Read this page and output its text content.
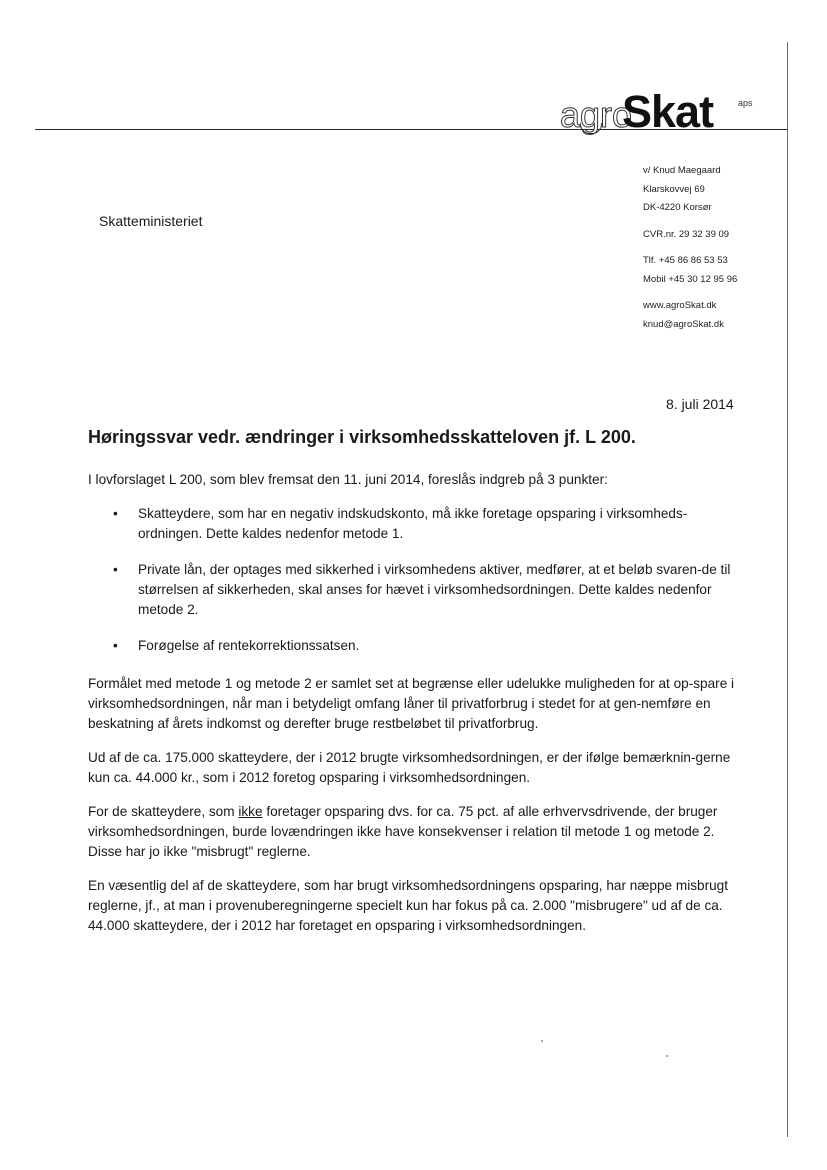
agro
Skat	aps
Skatteministeriet
v/ Knud Maegaard
Klarskovvej 69
DK-4220 Korsør
CVR.nr. 29 32 39 09
Tlf. +45 86 86 53 53
Mobil +45 30 12 95 96
www.agroSkat.dk
knud@agroSkat.dk
8. juli 2014
Høringssvar vedr. ændringer i virksomhedsskatteloven jf. L 200.

I lovforslaget L 200, som blev fremsat den 11. juni 2014, foreslås indgreb på 3 punkter:

• Skatteydere, som har en negativ indskudskonto, må ikke foretage opsparing i virksomheds-ordningen. Dette kaldes nedenfor metode 1.
• Private lån, der optages med sikkerhed i virksomhedens aktiver, medfører, at et beløb svaren-de til størrelsen af sikkerheden, skal anses for hævet i virksomhedsordningen. Dette kaldes nedenfor metode 2.
• Forøgelse af rentekorrektionssatsen.

Formålet med metode 1 og metode 2 er samlet set at begrænse eller udelukke muligheden for at op-spare i virksomhedsordningen, når man i betydeligt omfang låner til privatforbrug i stedet for at gen-nemføre en beskatning af årets indkomst og derefter bruge restbeløbet til privatforbrug.

Ud af de ca. 175.000 skatteydere, der i 2012 brugte virksomhedsordningen, er der ifølge bemærknin-gerne kun ca. 44.000 kr., som i 2012 foretog opsparing i virksomhedsordningen.

For de skatteydere, som ikke foretager opsparing dvs. for ca. 75 pct. af alle erhvervsdrivende, der bruger virksomhedsordningen, burde lovændringen ikke have konsekvenser i relation til metode 1 og metode 2. Disse har jo ikke "misbrugt" reglerne.

En væsentlig del af de skatteydere, som har brugt virksomhedsordningens opsparing, har næppe misbrugt reglerne, jf., at man i provenuberegningerne specielt kun har fokus på ca. 2.000 "misbrugere" ud af de ca. 44.000 skatteydere, der i 2012 har foretaget en opsparing i virksomhedsordningen.
